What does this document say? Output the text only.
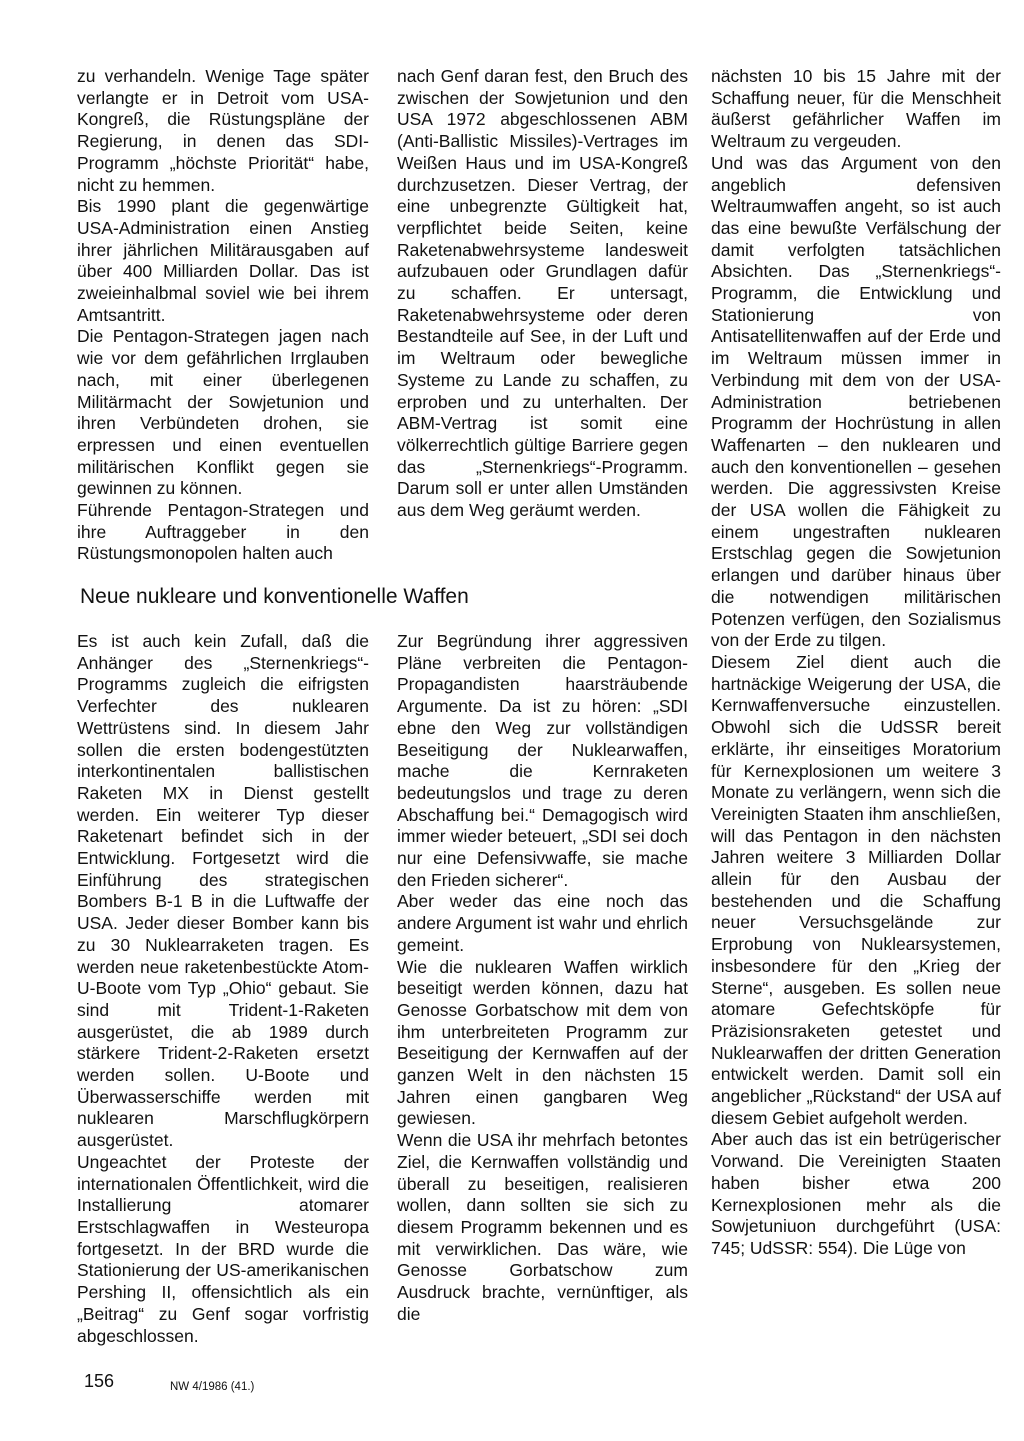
zu verhandeln. Wenige Tage später verlangte er in Detroit vom USA-Kongreß, die Rüstungspläne der Regierung, in denen das SDI-Programm „höchste Priorität“ habe, nicht zu hemmen.
Bis 1990 plant die gegenwärtige USA-Administration einen Anstieg ihrer jährlichen Militärausgaben auf über 400 Milliarden Dollar. Das ist zweieinhalbmal soviel wie bei ihrem Amtsantritt.
Die Pentagon-Strategen jagen nach wie vor dem gefährlichen Irrglauben nach, mit einer überlegenen Militärmacht der Sowjetunion und ihren Verbündeten drohen, sie erpressen und einen eventuellen militärischen Konflikt gegen sie gewinnen zu können.
Führende Pentagon-Strategen und ihre Auftraggeber in den Rüstungsmonopolen halten auch
nach Genf daran fest, den Bruch des zwischen der Sowjetunion und den USA 1972 abgeschlossenen ABM (Anti-Ballistic Missiles)-Vertrages im Weißen Haus und im USA-Kongreß durchzusetzen. Dieser Vertrag, der eine unbegrenzte Gültigkeit hat, verpflichtet beide Seiten, keine Raketenabwehrsysteme landesweit aufzubauen oder Grundlagen dafür zu schaffen. Er untersagt, Raketenabwehrsysteme oder deren Bestandteile auf See, in der Luft und im Weltraum oder bewegliche Systeme zu Lande zu schaffen, zu erproben und zu unterhalten. Der ABM-Vertrag ist somit eine völkerrechtlich gültige Barriere gegen das „Sternenkriegs“-Programm. Darum soll er unter allen Umständen aus dem Weg geräumt werden.
nächsten 10 bis 15 Jahre mit der Schaffung neuer, für die Menschheit äußerst gefährlicher Waffen im Weltraum zu vergeuden.
Und was das Argument von den angeblich defensiven Weltraumwaffen angeht, so ist auch das eine bewußte Verfälschung der damit verfolgten tatsächlichen Absichten. Das „Sternenkriegs“-Programm, die Entwicklung und Stationierung von Antisatellitenwaffen auf der Erde und im Weltraum müssen immer in Verbindung mit dem von der USA-Administration betriebenen Programm der Hochrüstung in allen Waffenarten – den nuklearen und auch den konventionellen – gesehen werden. Die aggressivsten Kreise der USA wollen die Fähigkeit zu einem ungestraften nuklearen Erstschlag gegen die Sowjetunion erlangen und darüber hinaus über die notwendigen militärischen Potenzen verfügen, den Sozialismus von der Erde zu tilgen.
Diesem Ziel dient auch die hartnäckige Weigerung der USA, die Kernwaffenversuche einzustellen. Obwohl sich die UdSSR bereit erklärte, ihr einseitiges Moratorium für Kernexplosionen um weitere 3 Monate zu verlängern, wenn sich die Vereinigten Staaten ihm anschließen, will das Pentagon in den nächsten Jahren weitere 3 Milliarden Dollar allein für den Ausbau der bestehenden und die Schaffung neuer Versuchsgelände zur Erprobung von Nuklearsystemen, insbesondere für den „Krieg der Sterne“, ausgeben. Es sollen neue atomare Gefechtsköpfe für Präzisionsraketen getestet und Nuklearwaffen der dritten Generation entwickelt werden. Damit soll ein angeblicher „Rückstand“ der USA auf diesem Gebiet aufgeholt werden.
Aber auch das ist ein betrügerischer Vorwand. Die Vereinigten Staaten haben bisher etwa 200 Kernexplosionen mehr als die Sowjetuniuon durchgeführt (USA: 745; UdSSR: 554). Die Lüge von
Neue nukleare und konventionelle Waffen
Es ist auch kein Zufall, daß die Anhänger des „Sternenkriegs“-Programms zugleich die eifrigsten Verfechter des nuklearen Wettrüstens sind. In diesem Jahr sollen die ersten bodengestützten interkontinentalen ballistischen Raketen MX in Dienst gestellt werden. Ein weiterer Typ dieser Raketenart befindet sich in der Entwicklung. Fortgesetzt wird die Einführung des strategischen Bombers B-1 B in die Luftwaffe der USA. Jeder dieser Bomber kann bis zu 30 Nuklearraketen tragen. Es werden neue raketenbestückte Atom-U-Boote vom Typ „Ohio“ gebaut. Sie sind mit Trident-1-Raketen ausgerüstet, die ab 1989 durch stärkere Trident-2-Raketen ersetzt werden sollen. U-Boote und Überwasserschiffe werden mit nuklearen Marschflugkörpern ausgerüstet.
Ungeachtet der Proteste der internationalen Öffentlichkeit, wird die Installierung atomarer Erstschlagwaffen in Westeuropa fortgesetzt. In der BRD wurde die Stationierung der US-amerikanischen Pershing II, offensichtlich als ein „Beitrag“ zu Genf sogar vorfristig abgeschlossen.
Zur Begründung ihrer aggressiven Pläne verbreiten die Pentagon-Propagandisten haarsträubende Argumente. Da ist zu hören: „SDI ebne den Weg zur vollständigen Beseitigung der Nuklearwaffen, mache die Kernraketen bedeutungslos und trage zu deren Abschaffung bei.“ Demagogisch wird immer wieder beteuert, „SDI sei doch nur eine Defensivwaffe, sie mache den Frieden sicherer“.
Aber weder das eine noch das andere Argument ist wahr und ehrlich gemeint.
Wie die nuklearen Waffen wirklich beseitigt werden können, dazu hat Genosse Gorbatschow mit dem von ihm unterbreiteten Programm zur Beseitigung der Kernwaffen auf der ganzen Welt in den nächsten 15 Jahren einen gangbaren Weg gewiesen.
Wenn die USA ihr mehrfach betontes Ziel, die Kernwaffen vollständig und überall zu beseitigen, realisieren wollen, dann sollten sie sich zu diesem Programm bekennen und es mit verwirklichen. Das wäre, wie Genosse Gorbatschow zum Ausdruck brachte, vernünftiger, als die
156	NW 4/1986 (41.)
